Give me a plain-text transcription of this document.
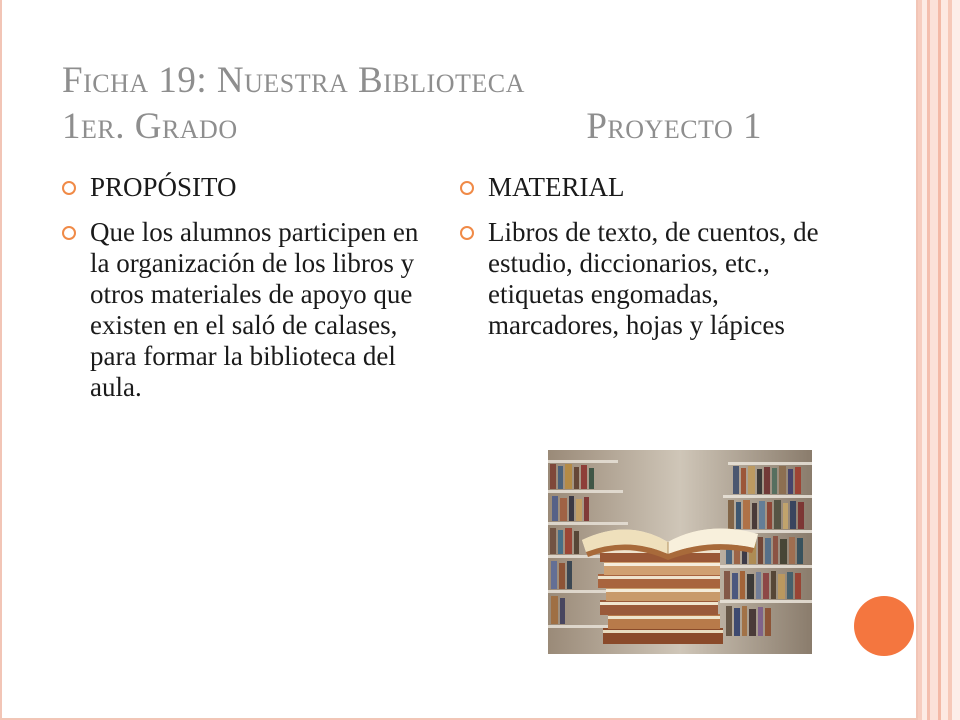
Ficha 19: Nuestra Biblioteca
1er. Grado	Proyecto 1
PROPÓSITO
Que los alumnos participen en la organización de los libros y otros materiales de apoyo que existen en el saló de calases, para formar la biblioteca del aula.
MATERIAL
Libros de texto, de cuentos, de estudio, diccionarios, etc., etiquetas engomadas, marcadores, hojas y lápices
